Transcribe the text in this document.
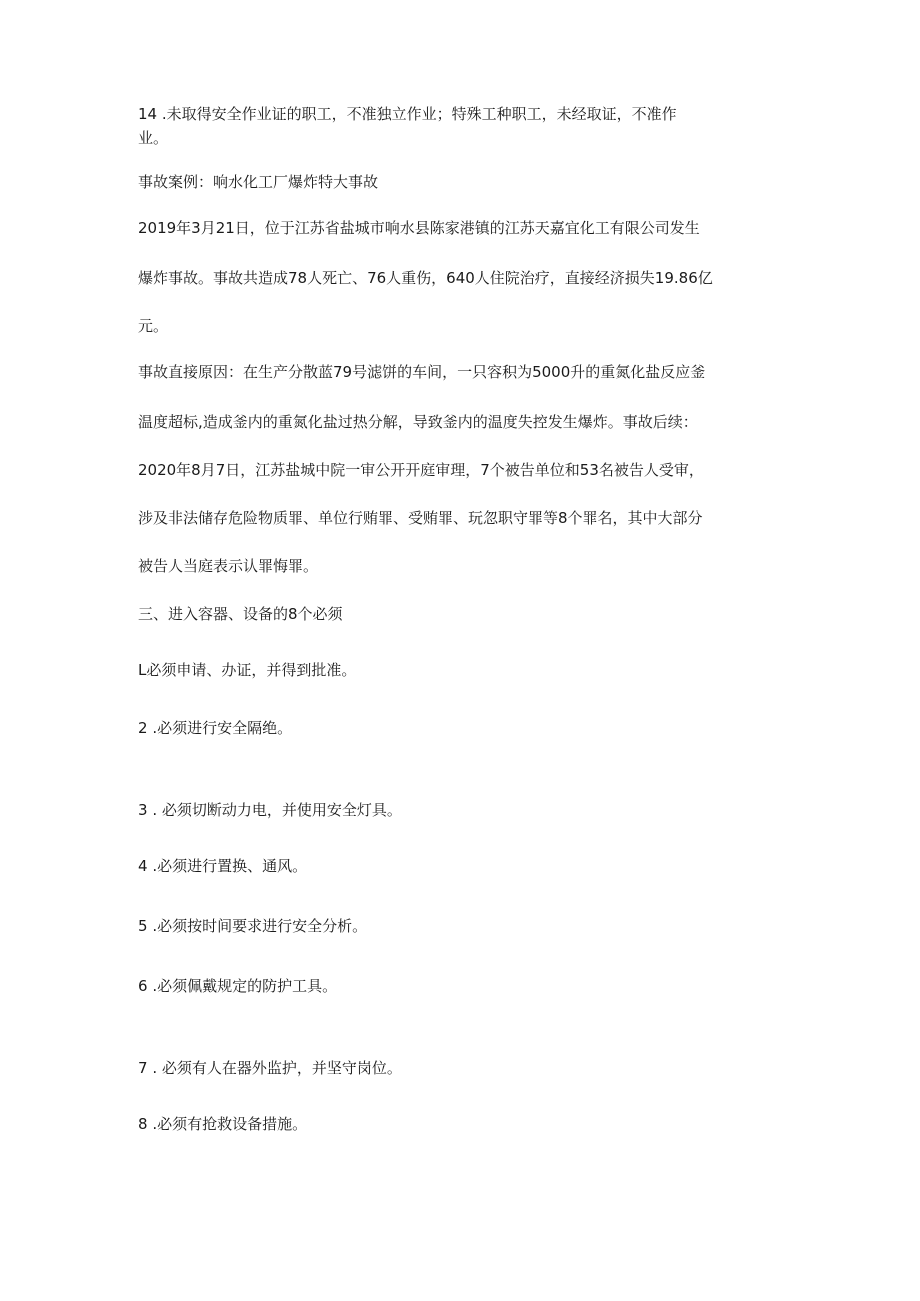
14 .未取得安全作业证的职工，不准独立作业；特殊工种职工，未经取证，不准作
业。
事故案例：响水化工厂爆炸特大事故
2019年3月21日，位于江苏省盐城市响水县陈家港镇的江苏天嘉宜化工有限公司发生
爆炸事故。事故共造成78人死亡、76人重伤，640人住院治疗，直接经济损失19.86亿
元。
事故直接原因：在生产分散蓝79号滤饼的车间，一只容积为5000升的重氮化盐反应釜
温度超标,造成釜内的重氮化盐过热分解，导致釜内的温度失控发生爆炸。事故后续：
2020年8月7日，江苏盐城中院一审公开开庭审理，7个被告单位和53名被告人受审，
涉及非法储存危险物质罪、单位行贿罪、受贿罪、玩忽职守罪等8个罪名，其中大部分
被告人当庭表示认罪悔罪。
三、进入容器、设备的8个必须
L必须申请、办证，并得到批准。
2 .必须进行安全隔绝。
3 . 必须切断动力电，并使用安全灯具。
4 .必须进行置换、通风。
5 .必须按时间要求进行安全分析。
6 .必须佩戴规定的防护工具。
7 . 必须有人在器外监护，并坚守岗位。
8 .必须有抢救设备措施。
